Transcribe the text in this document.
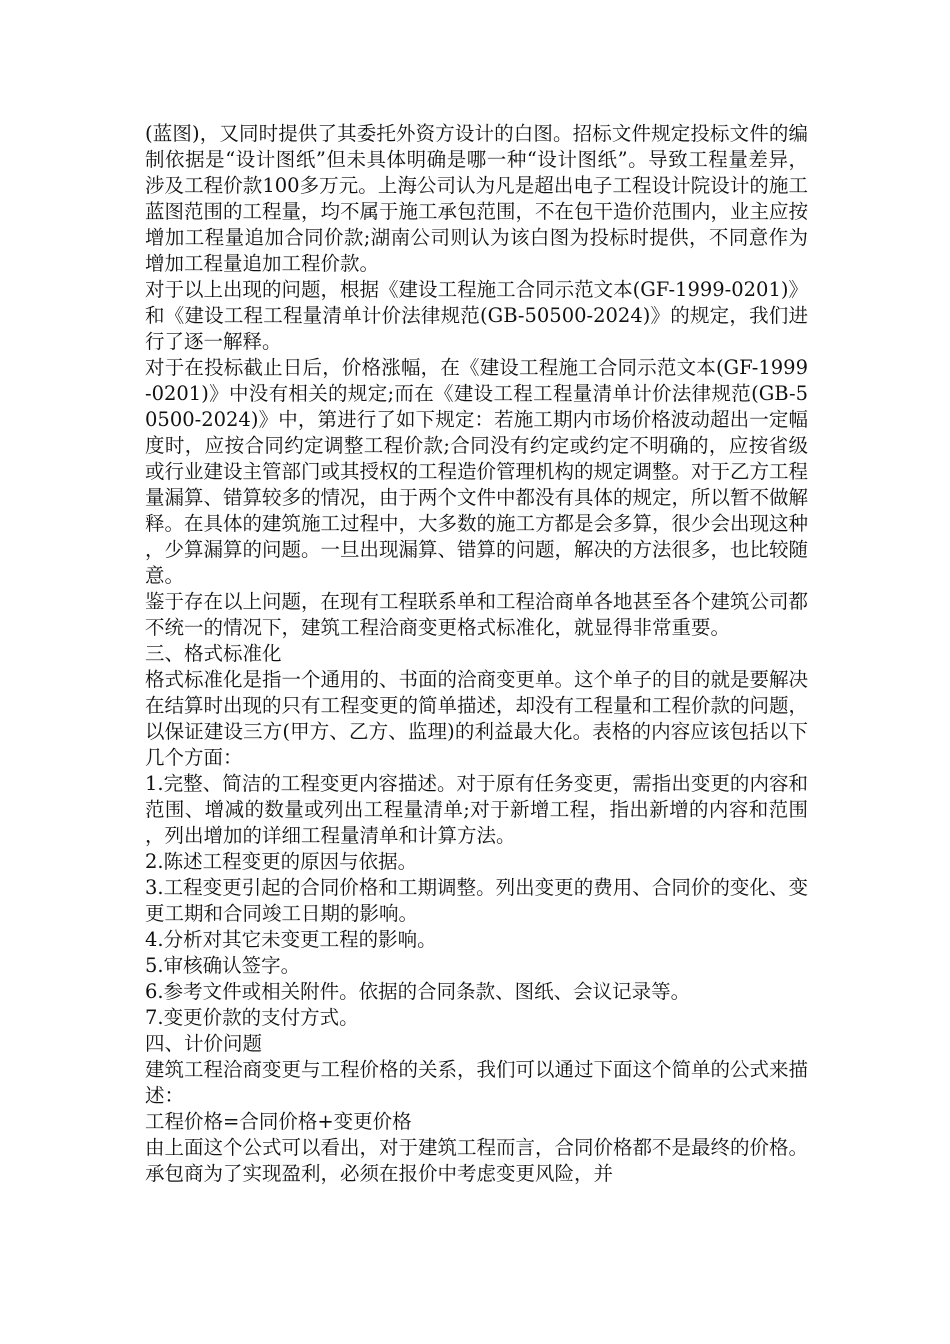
(蓝图)，又同时提供了其委托外资方设计的白图。招标文件规定投标文件的编制依据是“设计图纸”但未具体明确是哪一种“设计图纸”。导致工程量差异，涉及工程价款100多万元。上海公司认为凡是超出电子工程设计院设计的施工蓝图范围的工程量，均不属于施工承包范围，不在包干造价范围内，业主应按增加工程量追加合同价款;湖南公司则认为该白图为投标时提供，不同意作为增加工程量追加工程价款。

对于以上出现的问题，根据《建设工程施工合同示范文本(GF-1999-0201)》和《建设工程工程量清单计价法律规范(GB-50500-2024)》的规定，我们进行了逐一解释。

对于在投标截止日后，价格涨幅，在《建设工程施工合同示范文本(GF-1999-0201)》中没有相关的规定;而在《建设工程工程量清单计价法律规范(GB-50500-2024)》中，第进行了如下规定：若施工期内市场价格波动超出一定幅度时，应按合同约定调整工程价款;合同没有约定或约定不明确的，应按省级或行业建设主管部门或其授权的工程造价管理机构的规定调整。对于乙方工程量漏算、错算较多的情况，由于两个文件中都没有具体的规定，所以暂不做解释。在具体的建筑施工过程中，大多数的施工方都是会多算，很少会出现这种，少算漏算的问题。一旦出现漏算、错算的问题，解决的方法很多，也比较随意。

鉴于存在以上问题，在现有工程联系单和工程洽商单各地甚至各个建筑公司都不统一的情况下，建筑工程洽商变更格式标准化，就显得非常重要。

三、格式标准化

格式标准化是指一个通用的、书面的洽商变更单。这个单子的目的就是要解决在结算时出现的只有工程变更的简单描述，却没有工程量和工程价款的问题，以保证建设三方(甲方、乙方、监理)的利益最大化。表格的内容应该包括以下几个方面：

1.完整、简洁的工程变更内容描述。对于原有任务变更，需指出变更的内容和范围、增减的数量或列出工程量清单;对于新增工程，指出新增的内容和范围，列出增加的详细工程量清单和计算方法。

2.陈述工程变更的原因与依据。

3.工程变更引起的合同价格和工期调整。列出变更的费用、合同价的变化、变更工期和合同竣工日期的影响。

4.分析对其它未变更工程的影响。

5.审核确认签字。

6.参考文件或相关附件。依据的合同条款、图纸、会议记录等。

7.变更价款的支付方式。

四、计价问题

建筑工程洽商变更与工程价格的关系，我们可以通过下面这个简单的公式来描述：

工程价格=合同价格+变更价格

由上面这个公式可以看出，对于建筑工程而言，合同价格都不是最终的价格。承包商为了实现盈利，必须在报价中考虑变更风险，并
